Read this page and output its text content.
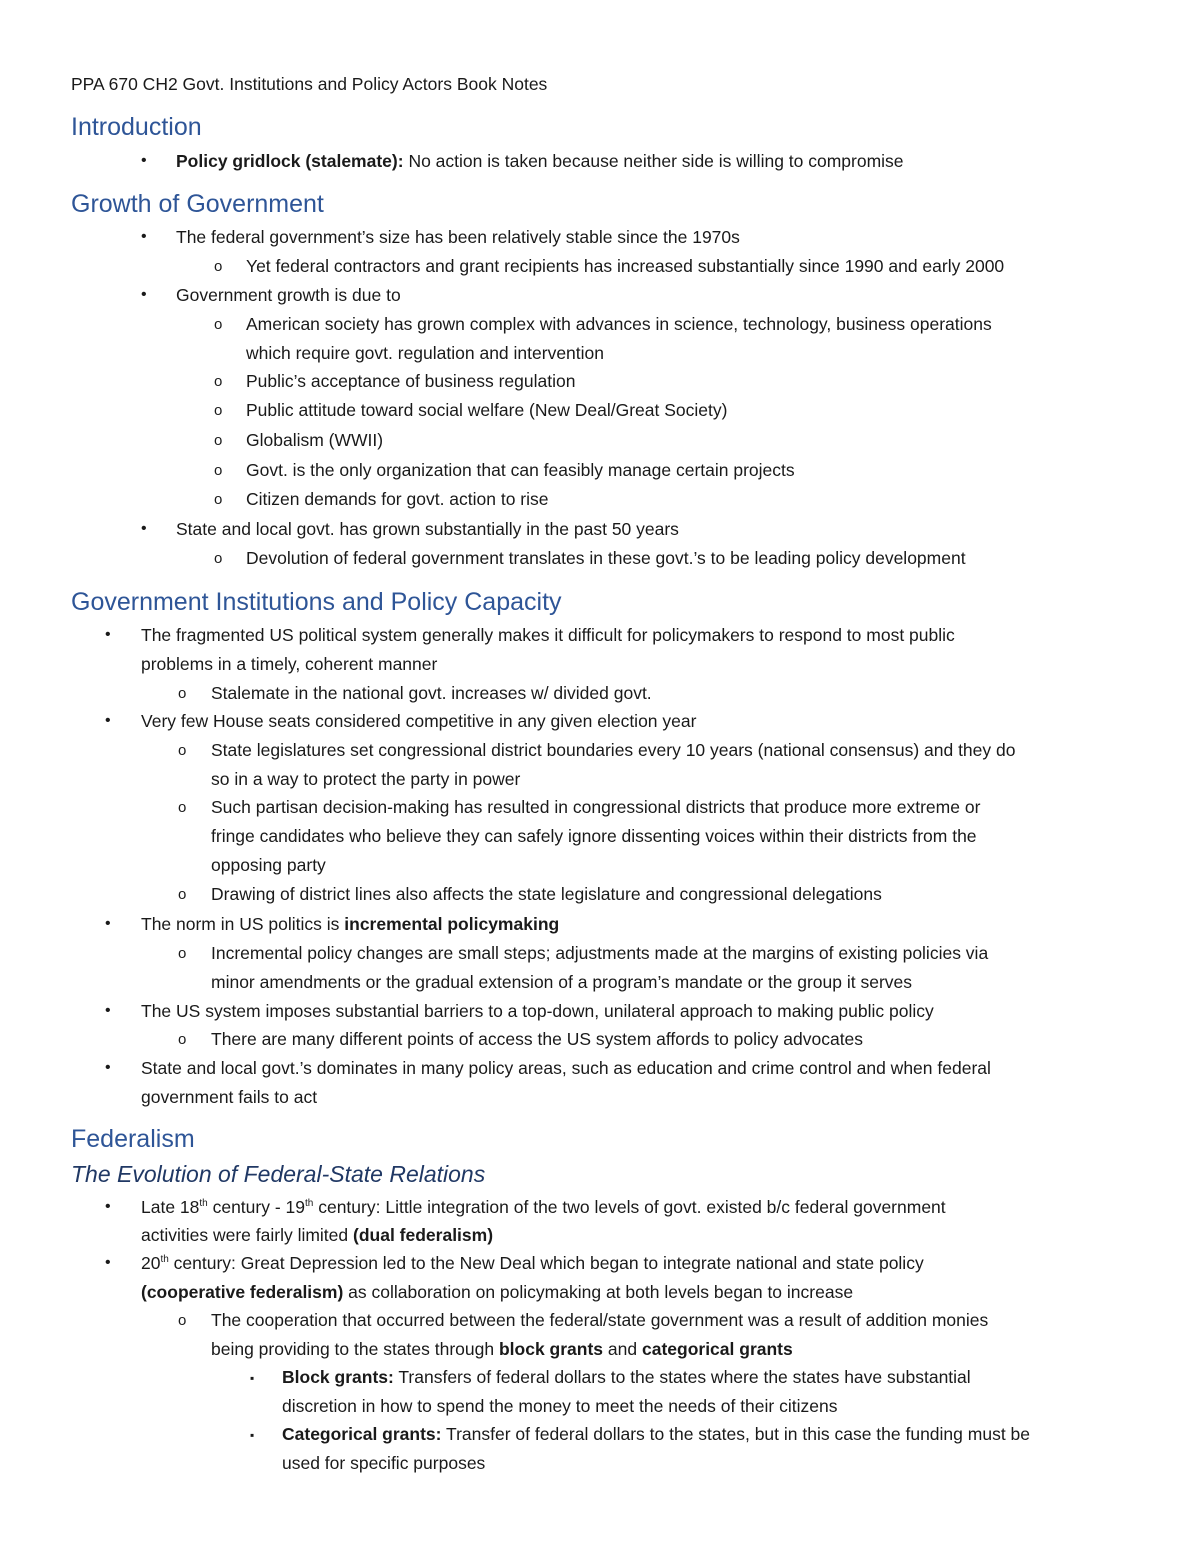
PPA 670 CH2 Govt. Institutions and Policy Actors Book Notes
Introduction
• Policy gridlock (stalemate): No action is taken because neither side is willing to compromise
Growth of Government
• The federal government’s size has been relatively stable since the 1970s
o Yet federal contractors and grant recipients has increased substantially since 1990 and early 2000
• Government growth is due to
o American society has grown complex with advances in science, technology, business operations
which require govt. regulation and intervention
o Public’s acceptance of business regulation
o Public attitude toward social welfare (New Deal/Great Society)
o Globalism (WWII)
o Govt. is the only organization that can feasibly manage certain projects
o Citizen demands for govt. action to rise
• State and local govt. has grown substantially in the past 50 years
o Devolution of federal government translates in these govt.’s to be leading policy development
Government Institutions and Policy Capacity
• The fragmented US political system generally makes it difficult for policymakers to respond to most public
problems in a timely, coherent manner
o Stalemate in the national govt. increases w/ divided govt.
• Very few House seats considered competitive in any given election year
o State legislatures set congressional district boundaries every 10 years (national consensus) and they do
so in a way to protect the party in power
o Such partisan decision-making has resulted in congressional districts that produce more extreme or
fringe candidates who believe they can safely ignore dissenting voices within their districts from the
opposing party
o Drawing of district lines also affects the state legislature and congressional delegations
• The norm in US politics is incremental policymaking
o Incremental policy changes are small steps; adjustments made at the margins of existing policies via
minor amendments or the gradual extension of a program’s mandate or the group it serves
• The US system imposes substantial barriers to a top-down, unilateral approach to making public policy
o There are many different points of access the US system affords to policy advocates
• State and local govt.’s dominates in many policy areas, such as education and crime control and when federal
government fails to act
Federalism
The Evolution of Federal-State Relations
• Late 18th century - 19th century: Little integration of the two levels of govt. existed b/c federal government
activities were fairly limited (dual federalism)
• 20th century: Great Depression led to the New Deal which began to integrate national and state policy
(cooperative federalism) as collaboration on policymaking at both levels began to increase
o The cooperation that occurred between the federal/state government was a result of addition monies
being providing to the states through block grants and categorical grants
▪ Block grants: Transfers of federal dollars to the states where the states have substantial
discretion in how to spend the money to meet the needs of their citizens
▪ Categorical grants: Transfer of federal dollars to the states, but in this case the funding must be
used for specific purposes
